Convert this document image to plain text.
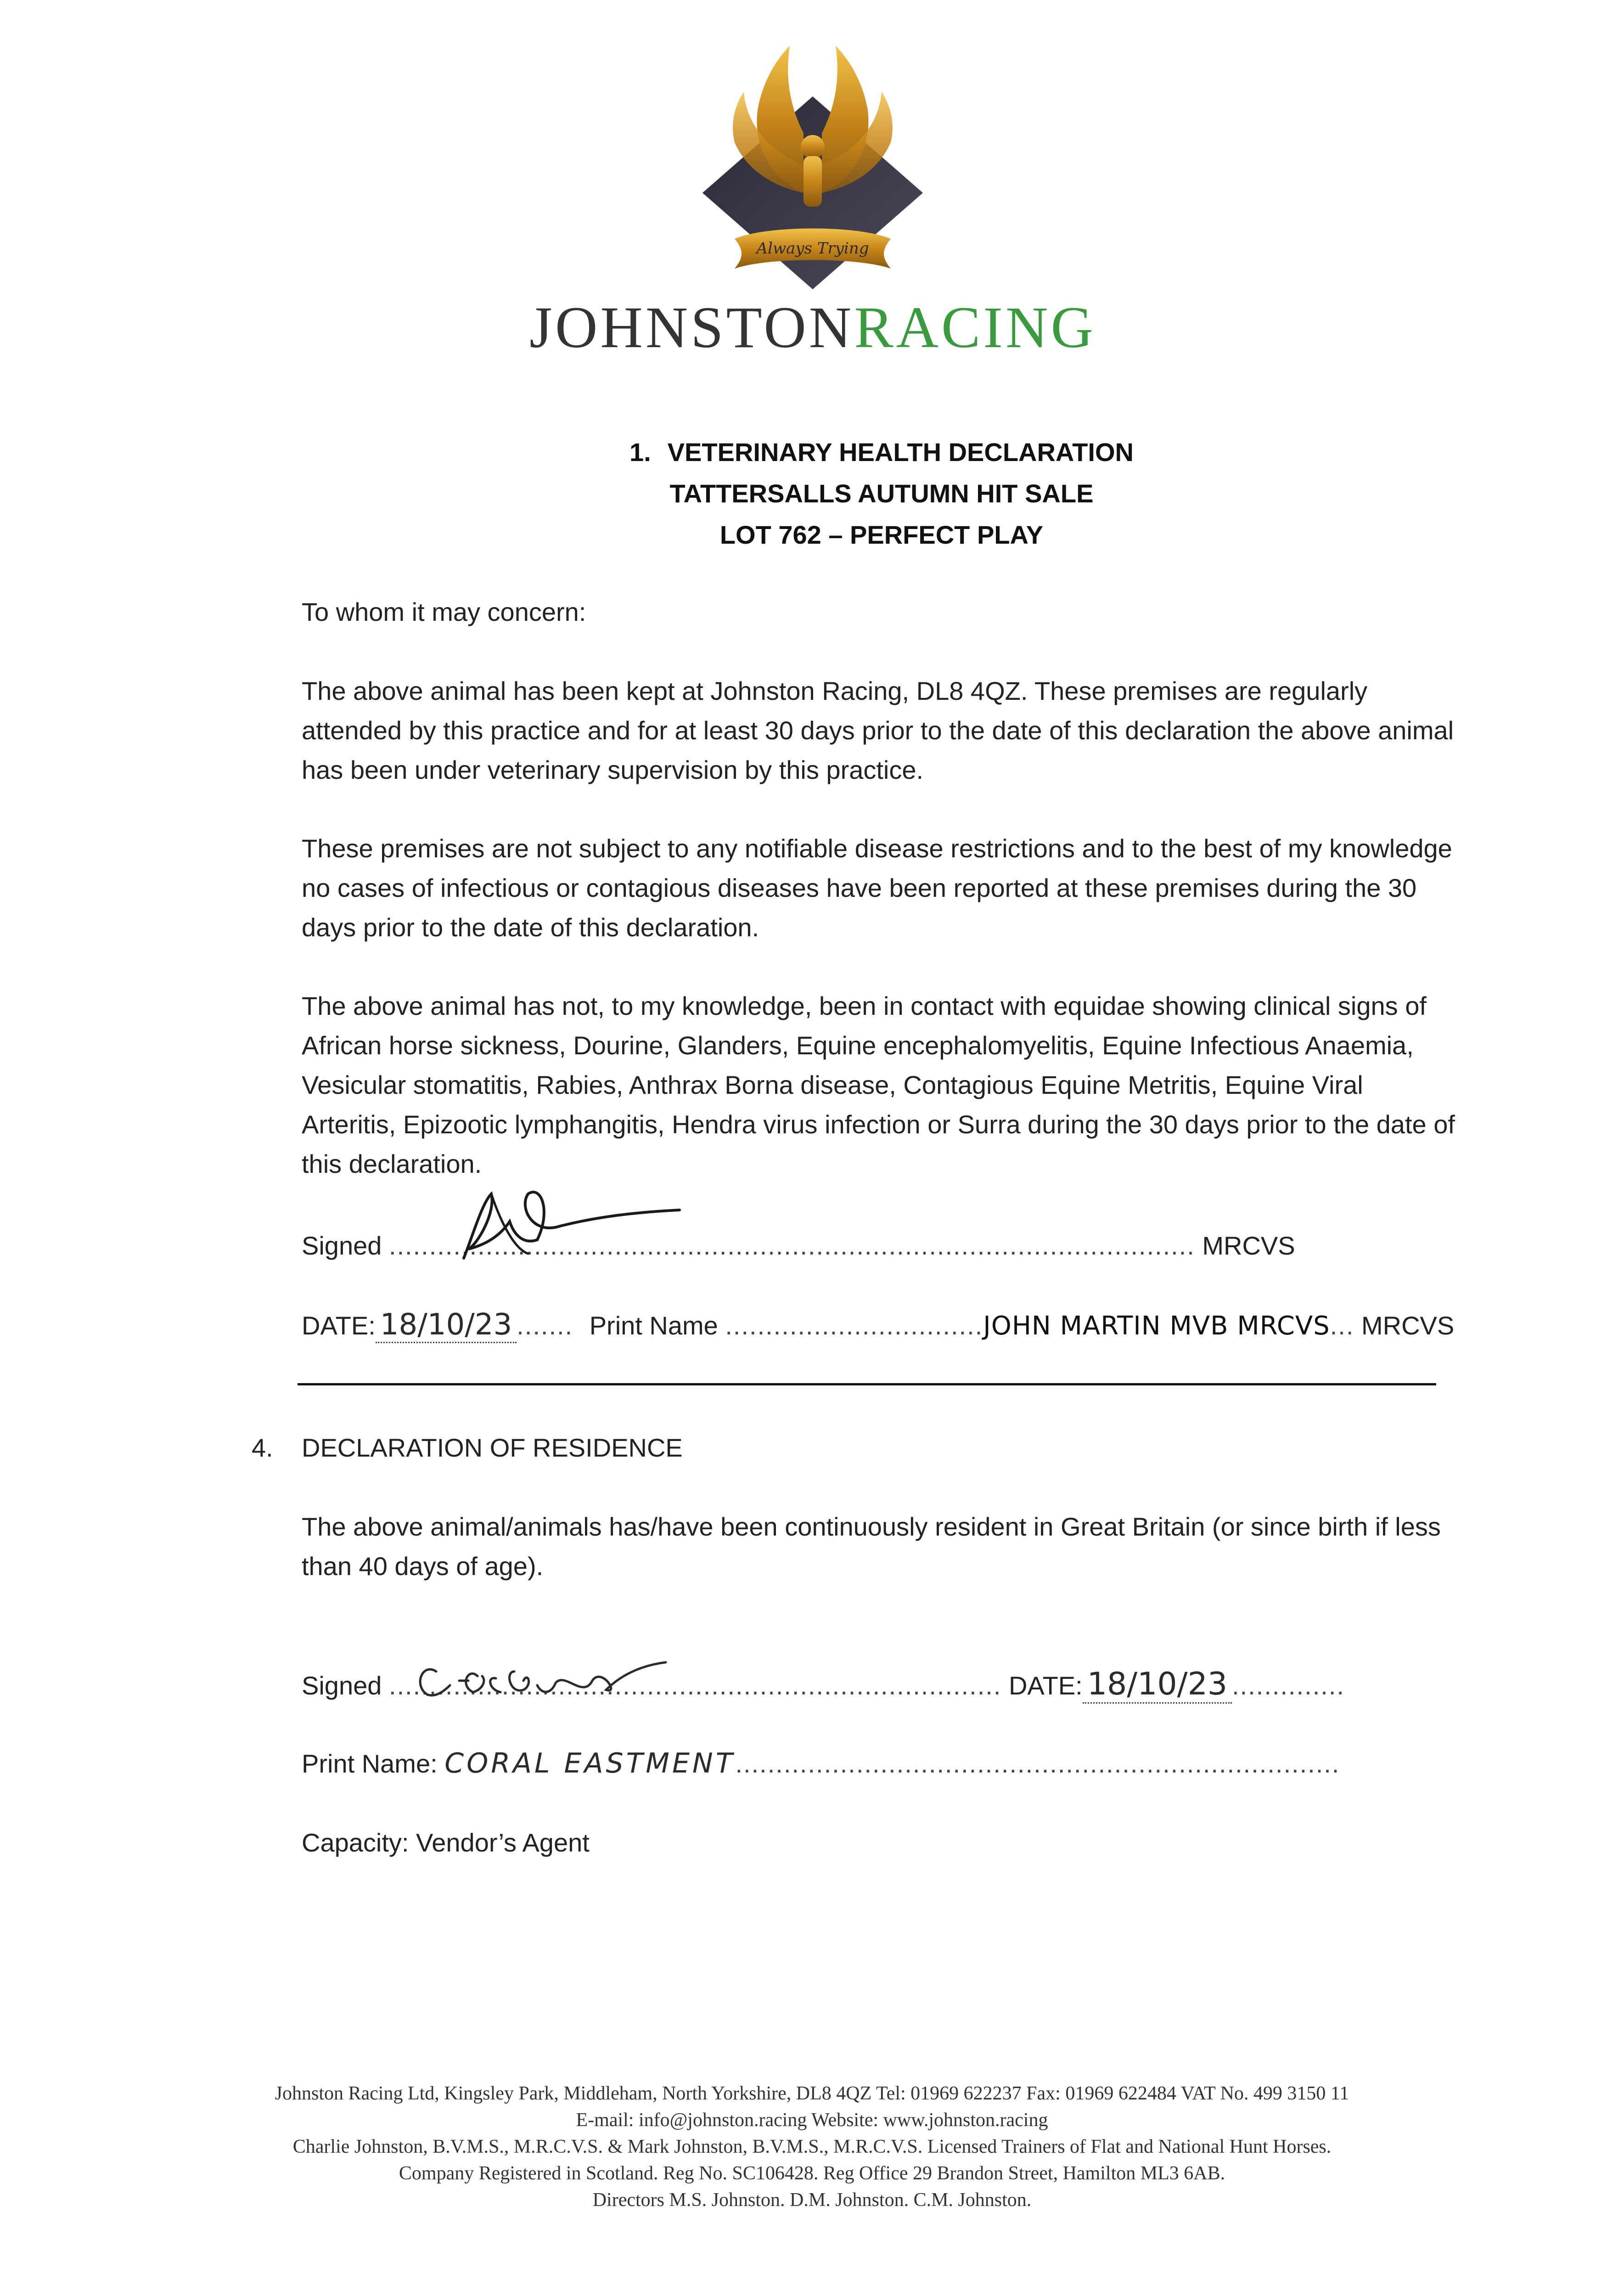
Always Trying
JOHNSTONRACING
1. VETERINARY HEALTH DECLARATION
TATTERSALLS AUTUMN HIT SALE
LOT 762 – PERFECT PLAY
To whom it may concern:
The above animal has been kept at Johnston Racing, DL8 4QZ. These premises are regularly attended by this practice and for at least 30 days prior to the date of this declaration the above animal has been under veterinary supervision by this practice.
These premises are not subject to any notifiable disease restrictions and to the best of my knowledge no cases of infectious or contagious diseases have been reported at these premises during the 30 days prior to the date of this declaration.
The above animal has not, to my knowledge, been in contact with equidae showing clinical signs of African horse sickness, Dourine, Glanders, Equine encephalomyelitis, Equine Infectious Anaemia, Vesicular stomatitis, Rabies, Anthrax Borna disease, Contagious Equine Metritis, Equine Viral Arteritis, Epizootic lymphangitis, Hendra virus infection or Surra during the 30 days prior to the date of this declaration.
Signed .................................................................................................... MRCVS
DATE: 18/10/23 ....... Print Name ................................JOHN MARTIN MVB MRCVS... MRCVS
4. DECLARATION OF RESIDENCE
The above animal/animals has/have been continuously resident in Great Britain (or since birth if less than 40 days of age).
Signed ............................................................................ DATE: 18/10/23 ..............
Print Name: CORAL EASTMENT...........................................................................
Capacity: Vendor’s Agent
Johnston Racing Ltd, Kingsley Park, Middleham, North Yorkshire, DL8 4QZ Tel: 01969 622237 Fax: 01969 622484 VAT No. 499 3150 11
E-mail: info@johnston.racing Website: www.johnston.racing
Charlie Johnston, B.V.M.S., M.R.C.V.S. & Mark Johnston, B.V.M.S., M.R.C.V.S. Licensed Trainers of Flat and National Hunt Horses.
Company Registered in Scotland. Reg No. SC106428. Reg Office 29 Brandon Street, Hamilton ML3 6AB.
Directors M.S. Johnston. D.M. Johnston. C.M. Johnston.
